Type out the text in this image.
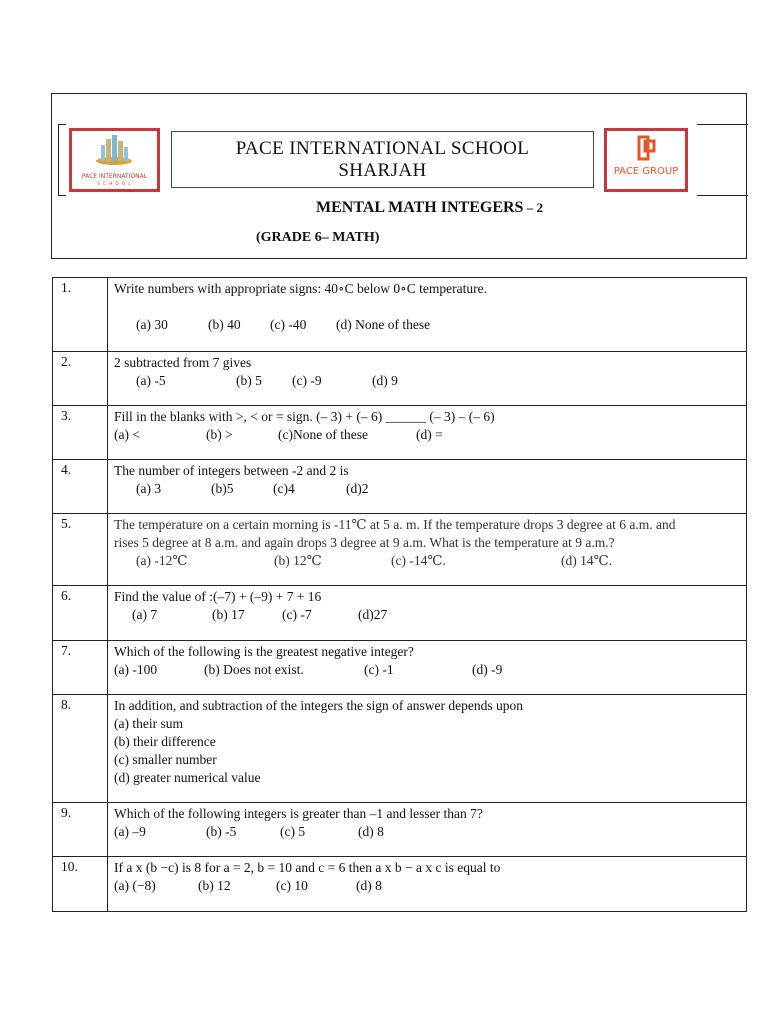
PACE INTERNATIONAL
S C H O O L
PACE INTERNATIONAL SCHOOL
SHARJAH	PACE GROUP
MENTAL MATH INTEGERS – 2
(GRADE 6– MATH)
1.	Write numbers with appropriate signs: 40∘C below 0∘C temperature.
(a) 30 (b) 40 (c) -40 (d) None of these

2.	2 subtracted from 7 gives
(a) -5 (b) 5 (c) -9 (d) 9

3.	Fill in the blanks with >, < or = sign. (– 3) + (– 6) ______ (– 3) – (– 6)
(a) < (b) > (c)None of these (d) =

4.	The number of integers between -2 and 2 is
(a) 3 (b)5 (c)4 (d)2

5.	The temperature on a certain morning is -11℃ at 5 a. m. If the temperature drops 3 degree at 6 a.m. and
rises 5 degree at 8 a.m. and again drops 3 degree at 9 a.m. What is the temperature at 9 a.m.?
(a) -12℃ (b) 12℃ (c) -14℃. (d) 14℃.

6.	Find the value of :(–7) + (–9) + 7 + 16
(a) 7 (b) 17 (c) -7 (d)27

7.	Which of the following is the greatest negative integer?
(a) -100 (b) Does not exist. (c) -1 (d) -9

8.	In addition, and subtraction of the integers the sign of answer depends upon
(a) their sum
(b) their difference
(c) smaller number
(d) greater numerical value

9.	Which of the following integers is greater than –1 and lesser than 7?
(a) –9 (b) -5 (c) 5 (d) 8

10.	If a x (b −c) is 8 for a = 2, b = 10 and c = 6 then a x b − a x c is equal to
(a) (−8) (b) 12 (c) 10 (d) 8
